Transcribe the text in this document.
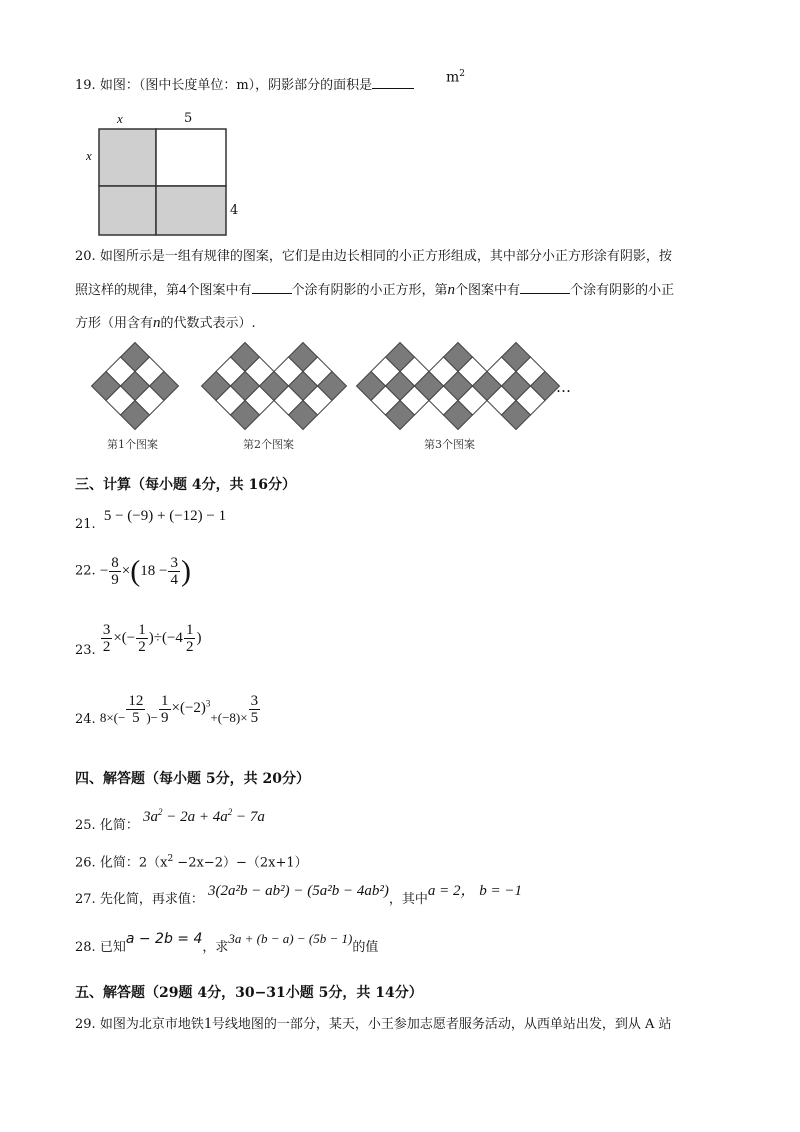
19. 如图：（图中长度单位：m），阴影部分的面积是	$m^2$
x	5
x
4
20. 如图所示是一组有规律的图案，它们是由边长相同的小正方形组成，其中部分小正方形涂有阴影，按
照这样的规律，第4个图案中有	个涂有阴影的小正方形，第n个图案中有	个涂有阴影的小正
方形（用含有n的代数式表示）.
第1个图案	第2个图案	第3个图案
…
三、计算（每小题 4分，共 16分）
21. 5 − (−9) + (−12) − 1
22. − $\frac{8}{9} \times(18 - \frac{3}{4}$ )
23. $\frac{3}{2}$ ×(− $\frac{1}{2} )\div(-4 \frac{1}{2}$ )
24. $8\times(- \frac{12}{5}$ )− $\frac{1}{9} \times(-2)^3+(-8)\times \frac{3}{5}$
四、解答题（每小题 5分，共 20分）
25. 化简： $3a^2 - 2a + 4a^2 - 7a$
26. 化简：$2(x^2 -2x-2)-(2x+1)$
27. 先化简，再求值： 3(2a²b − ab²) − (5a²b − 4ab²)，其中a = 2， b = −1
28. 已知a − 2b = 4，求3a + (b − a) − (5b − 1)的值
五、解答题（29题 4分，30−31小题 5分，共 14分）
29. 如图为北京市地铁1号线地图的一部分，某天，小王参加志愿者服务活动，从西单站出发，到从 A 站
